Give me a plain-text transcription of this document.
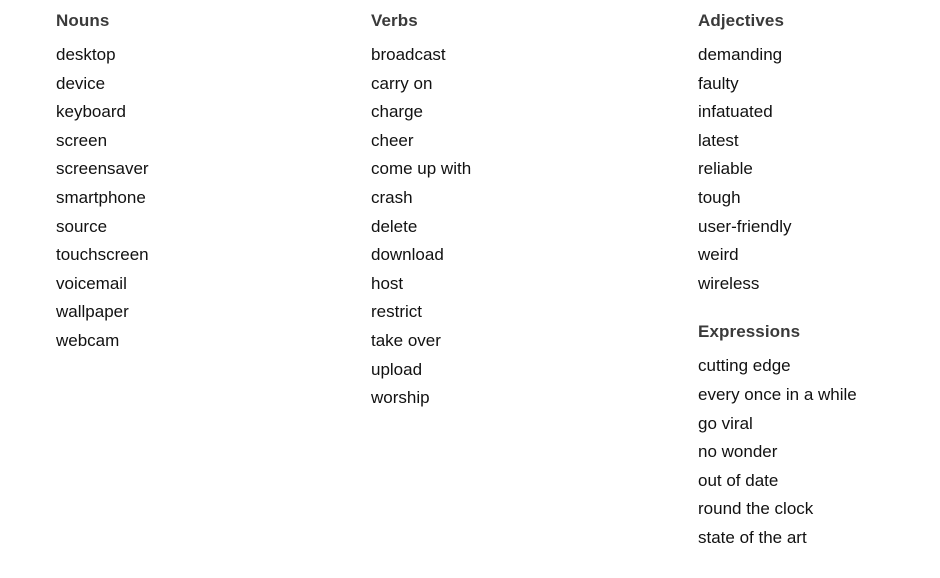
Nouns
desktop
device
keyboard
screen
screensaver
smartphone
source
touchscreen
voicemail
wallpaper
webcam
Verbs
broadcast
carry on
charge
cheer
come up with
crash
delete
download
host
restrict
take over
upload
worship
Adjectives
demanding
faulty
infatuated
latest
reliable
tough
user-friendly
weird
wireless
Expressions
cutting edge
every once in a while
go viral
no wonder
out of date
round the clock
state of the art
